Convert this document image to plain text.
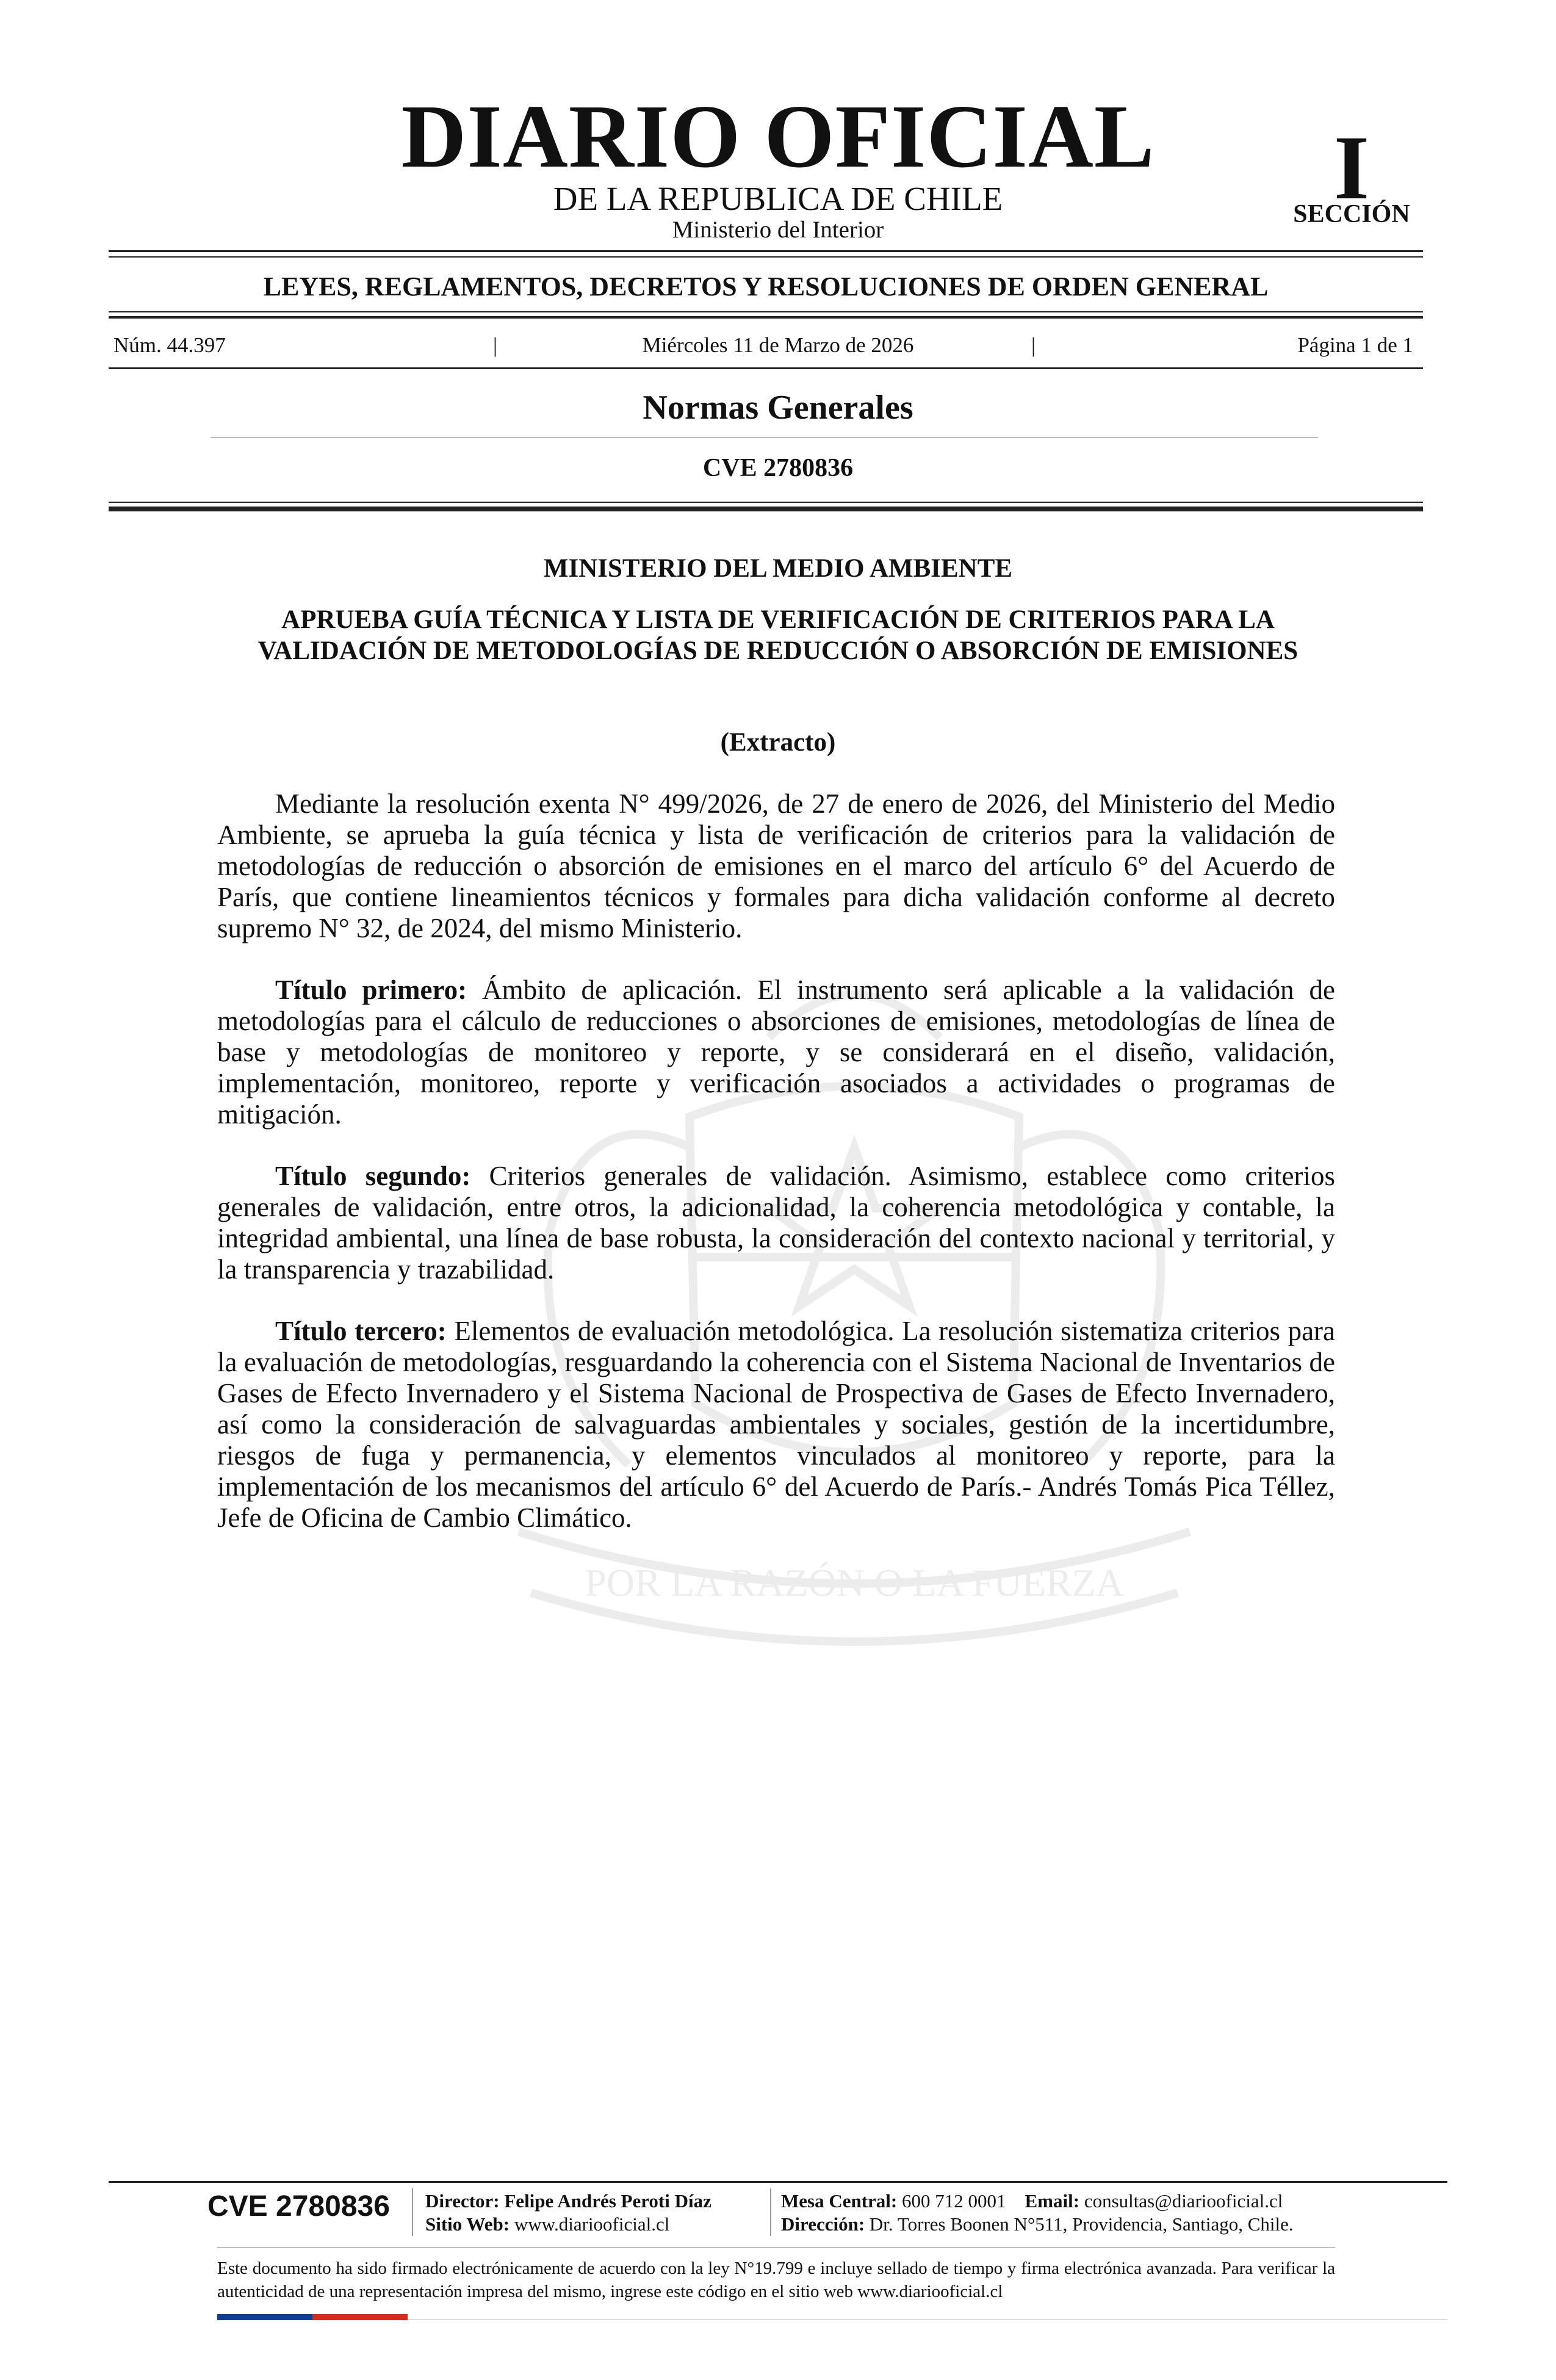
POR LA RAZÓN O LA FUERZA
DIARIO OFICIAL
DE LA REPUBLICA DE CHILE
Ministerio del Interior
I
SECCIÓN
LEYES, REGLAMENTOS, DECRETOS Y RESOLUCIONES DE ORDEN GENERAL
Núm. 44.397	|	Miércoles 11 de Marzo de 2026	|	Página 1 de 1
Normas Generales
CVE 2780836
MINISTERIO DEL MEDIO AMBIENTE
APRUEBA GUÍA TÉCNICA Y LISTA DE VERIFICACIÓN DE CRITERIOS PARA LA VALIDACIÓN DE METODOLOGÍAS DE REDUCCIÓN O ABSORCIÓN DE EMISIONES
(Extracto)

Mediante la resolución exenta N° 499/2026, de 27 de enero de 2026, del Ministerio del Medio Ambiente, se aprueba la guía técnica y lista de verificación de criterios para la validación de metodologías de reducción o absorción de emisiones en el marco del artículo 6° del Acuerdo de París, que contiene lineamientos técnicos y formales para dicha validación conforme al decreto supremo N° 32, de 2024, del mismo Ministerio.

Título primero: Ámbito de aplicación. El instrumento será aplicable a la validación de metodologías para el cálculo de reducciones o absorciones de emisiones, metodologías de línea de base y metodologías de monitoreo y reporte, y se considerará en el diseño, validación, implementación, monitoreo, reporte y verificación asociados a actividades o programas de mitigación.

Título segundo: Criterios generales de validación. Asimismo, establece como criterios generales de validación, entre otros, la adicionalidad, la coherencia metodológica y contable, la integridad ambiental, una línea de base robusta, la consideración del contexto nacional y territorial, y la transparencia y trazabilidad.

Título tercero: Elementos de evaluación metodológica. La resolución sistematiza criterios para la evaluación de metodologías, resguardando la coherencia con el Sistema Nacional de Inventarios de Gases de Efecto Invernadero y el Sistema Nacional de Prospectiva de Gases de Efecto Invernadero, así como la consideración de salvaguardas ambientales y sociales, gestión de la incertidumbre, riesgos de fuga y permanencia, y elementos vinculados al monitoreo y reporte, para la implementación de los mecanismos del artículo 6° del Acuerdo de París.- Andrés Tomás Pica Téllez, Jefe de Oficina de Cambio Climático.

CVE 2780836 Director: Felipe Andrés Peroti Díaz
Sitio Web: www.diariooficial.cl
Mesa Central: 600 712 0001 Email: consultas@diariooficial.cl
Dirección: Dr. Torres Boonen N°511, Providencia, Santiago, Chile.
Este documento ha sido firmado electrónicamente de acuerdo con la ley N°19.799 e incluye sellado de tiempo y firma electrónica avanzada. Para verificar la autenticidad de una representación impresa del mismo, ingrese este código en el sitio web www.diariooficial.cl
